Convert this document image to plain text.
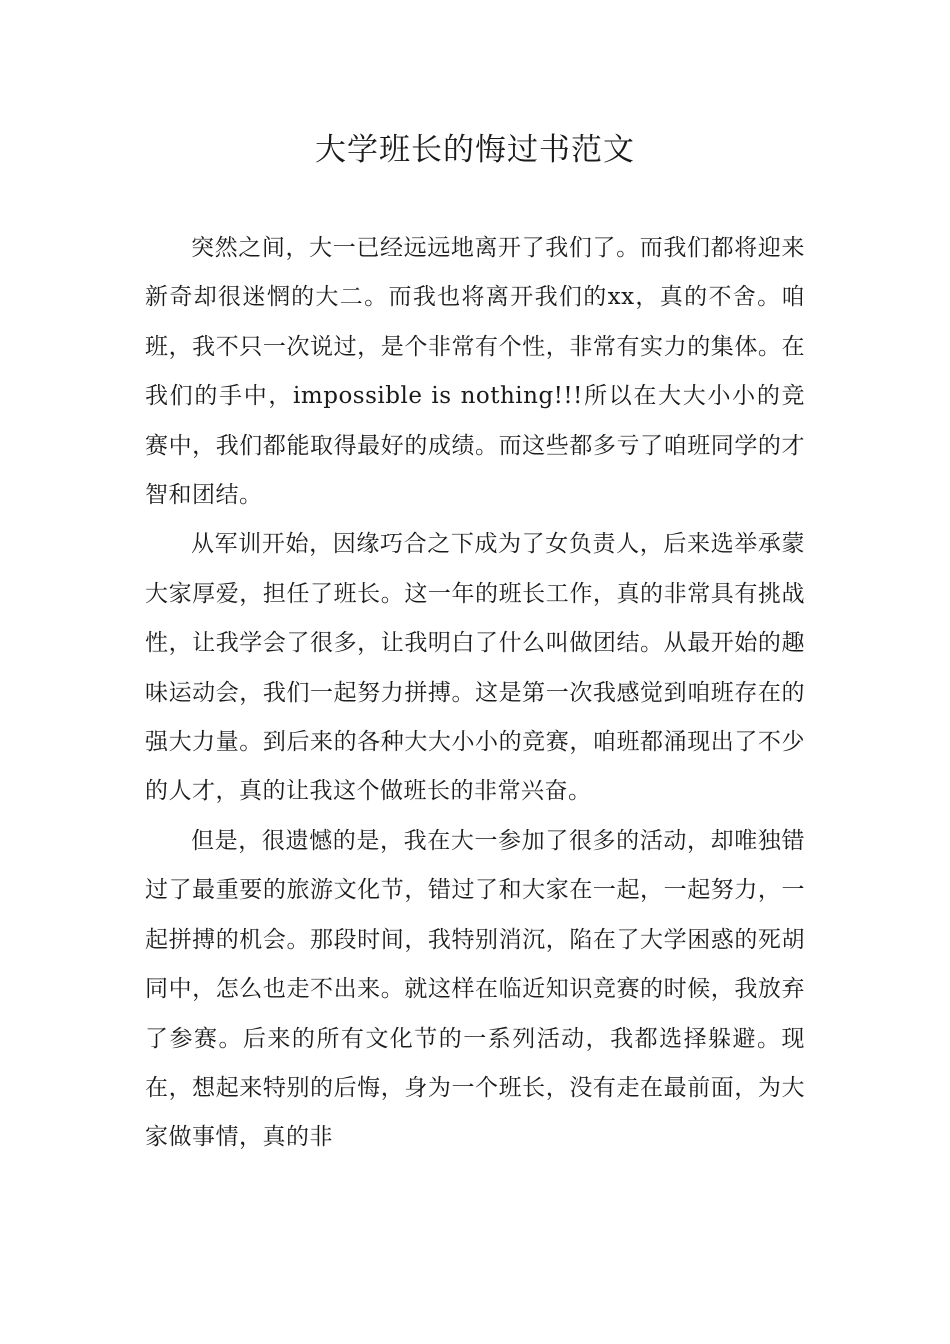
大学班长的悔过书范文

突然之间，大一已经远远地离开了我们了。而我们都将迎来新奇却很迷惘的大二。而我也将离开我们的xx，真的不舍。咱班，我不只一次说过，是个非常有个性，非常有实力的集体。在我们的手中，impossible is nothing!!!所以在大大小小的竞赛中，我们都能取得最好的成绩。而这些都多亏了咱班同学的才智和团结。

从军训开始，因缘巧合之下成为了女负责人，后来选举承蒙大家厚爱，担任了班长。这一年的班长工作，真的非常具有挑战性，让我学会了很多，让我明白了什么叫做团结。从最开始的趣味运动会，我们一起努力拼搏。这是第一次我感觉到咱班存在的强大力量。到后来的各种大大小小的竞赛，咱班都涌现出了不少的人才，真的让我这个做班长的非常兴奋。

但是，很遗憾的是，我在大一参加了很多的活动，却唯独错过了最重要的旅游文化节，错过了和大家在一起，一起努力，一起拼搏的机会。那段时间，我特别消沉，陷在了大学困惑的死胡同中，怎么也走不出来。就这样在临近知识竞赛的时候，我放弃了参赛。后来的所有文化节的一系列活动，我都选择躲避。现在，想起来特别的后悔，身为一个班长，没有走在最前面，为大家做事情，真的非
